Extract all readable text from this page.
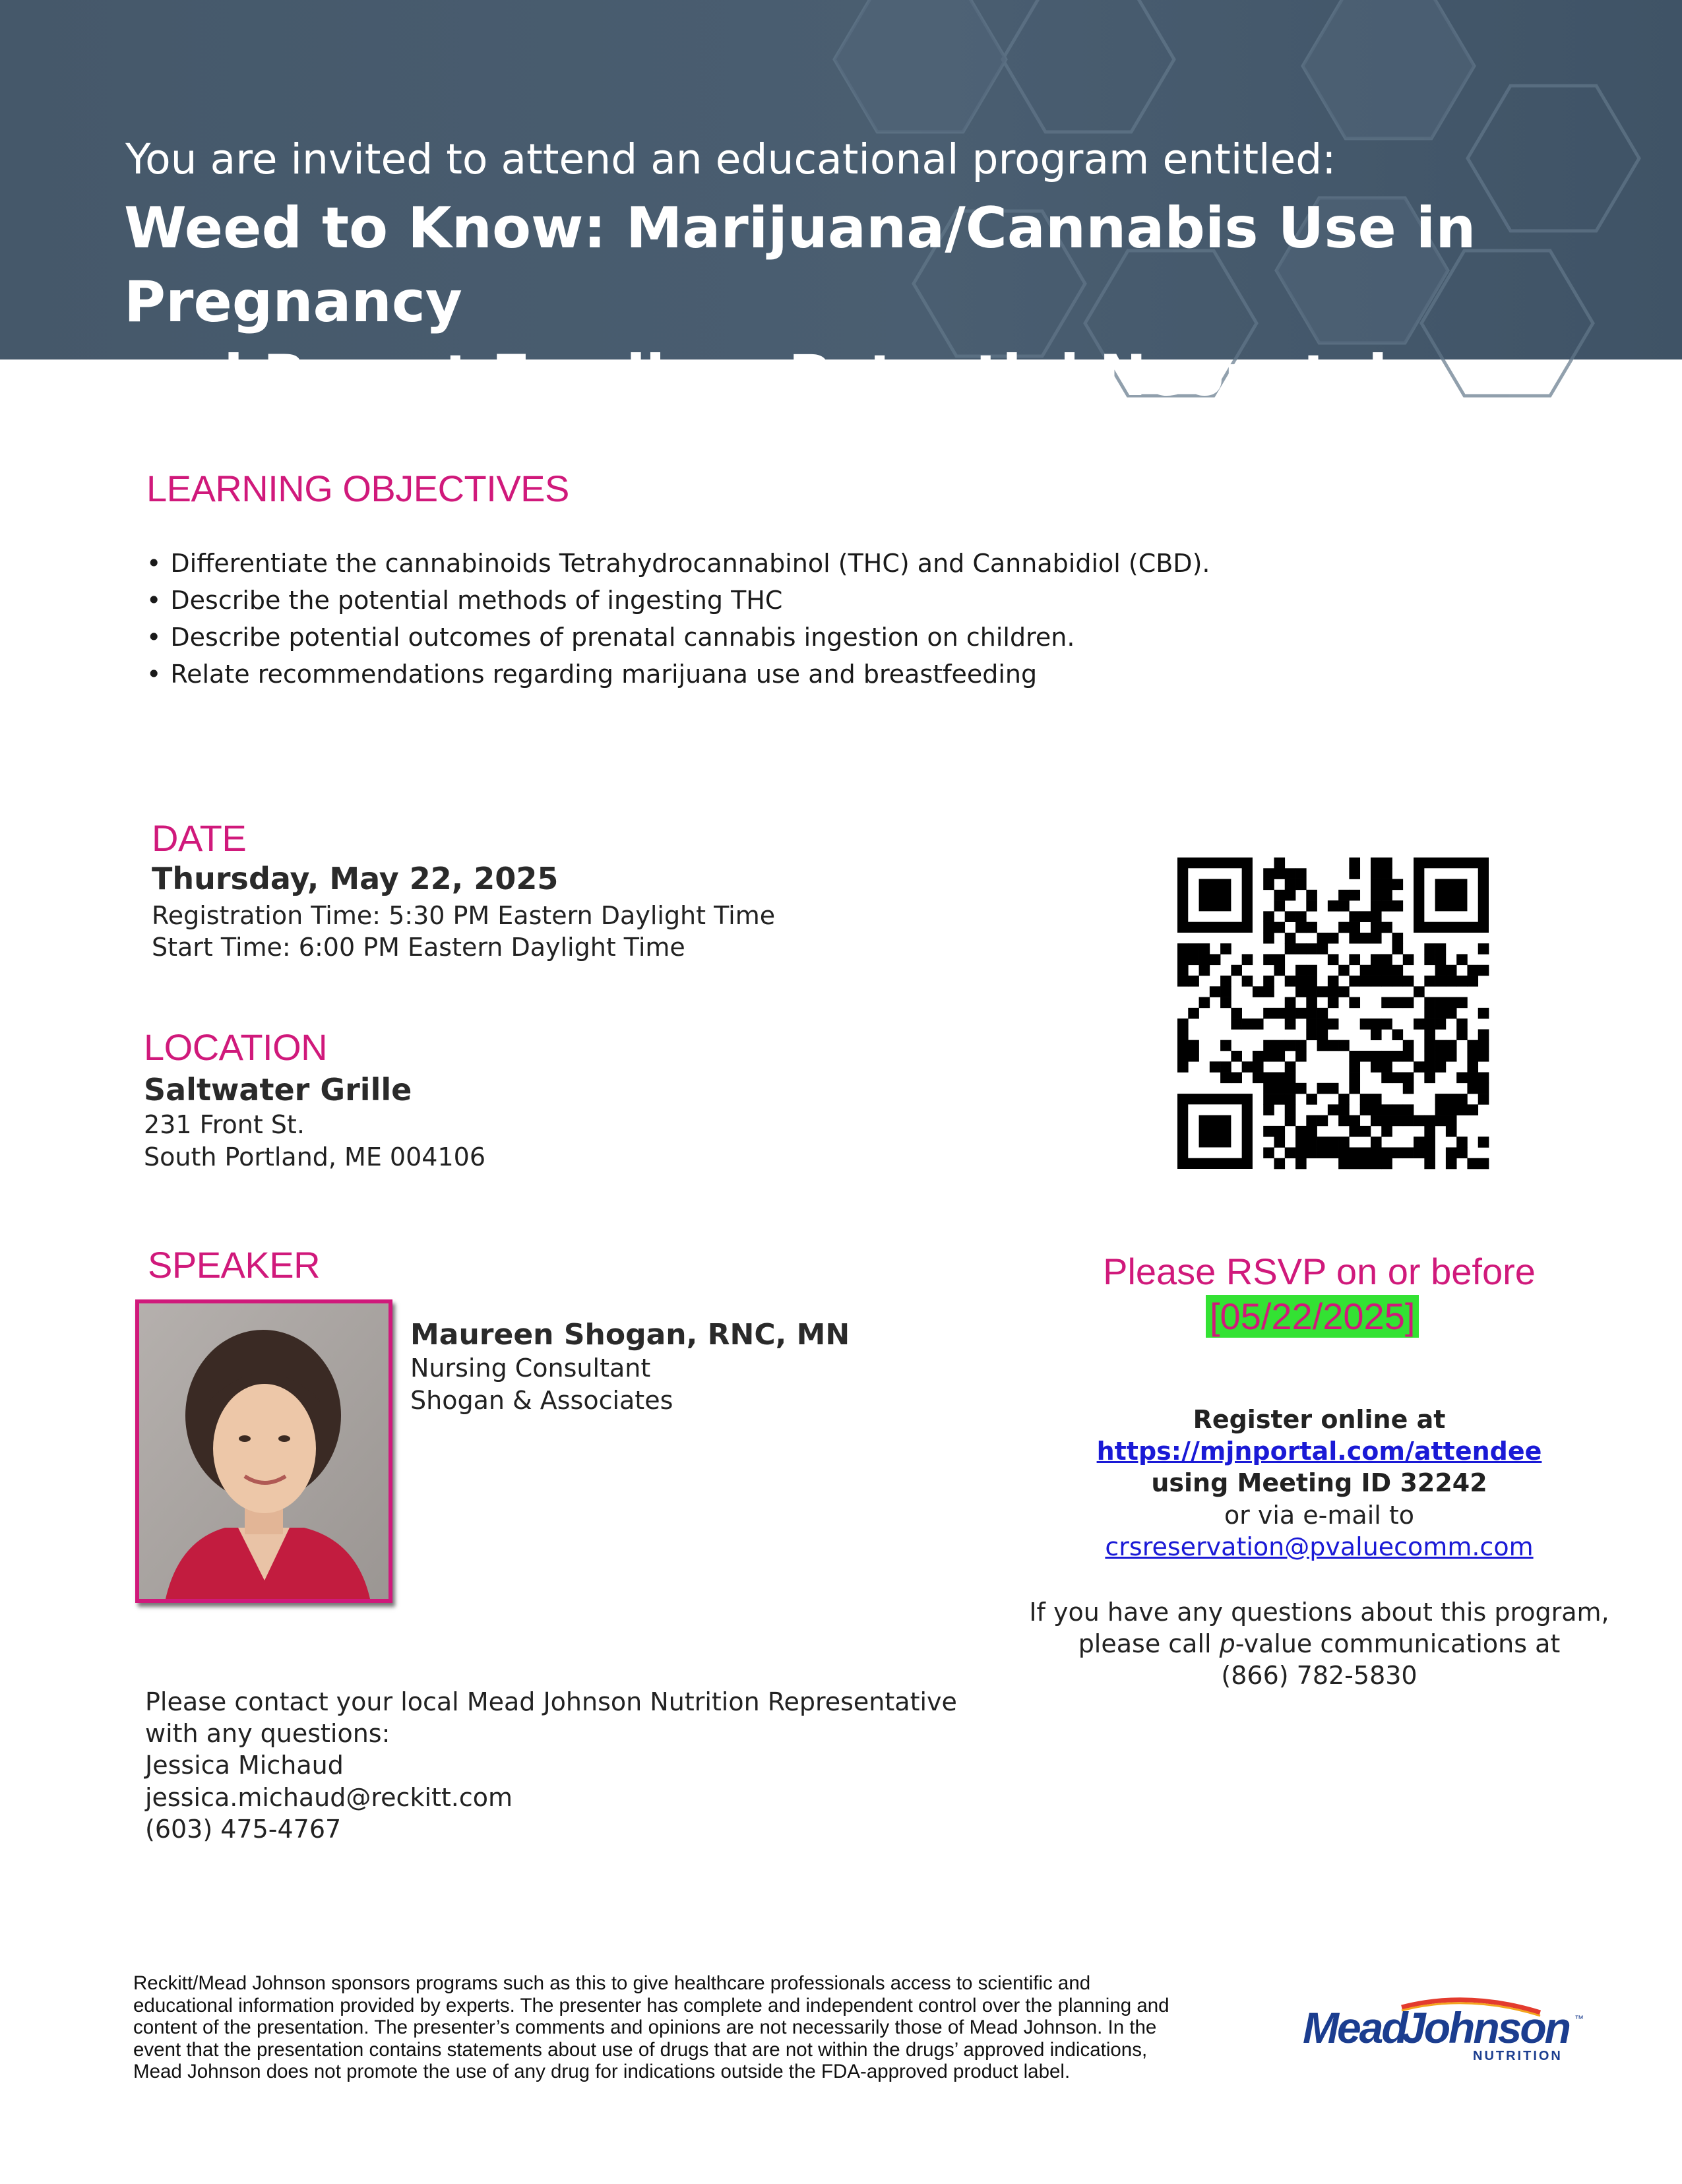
You are invited to attend an educational program entitled:
Weed to Know: Marijuana/Cannabis Use in Pregnancy
and Breast Feeding: Potential Neonatal Outcomes
LEARNING OBJECTIVES
• Differentiate the cannabinoids Tetrahydrocannabinol (THC) and Cannabidiol (CBD).
• Describe the potential methods of ingesting THC
• Describe potential outcomes of prenatal cannabis ingestion on children.
• Relate recommendations regarding marijuana use and breastfeeding
DATE
Thursday, May 22, 2025
Registration Time: 5:30 PM Eastern Daylight Time
Start Time: 6:00 PM Eastern Daylight Time
LOCATION
Saltwater Grille
231 Front St.
South Portland, ME 004106
SPEAKER
Maureen Shogan, RNC, MN
Nursing Consultant
Shogan & Associates
Please RSVP on or before
[05/22/2025]
Register online at
https://mjnportal.com/attendee
using Meeting ID 32242
or via e-mail to
crsreservation@pvaluecomm.com
If you have any questions about this program,
please call p-value communications at
(866) 782-5830
Please contact your local Mead Johnson Nutrition Representative
with any questions:
Jessica Michaud
jessica.michaud@reckitt.com
(603) 475-4767
Reckitt/Mead Johnson sponsors programs such as this to give healthcare professionals access to scientific and educational information provided by experts. The presenter has complete and independent control over the planning and content of the presentation. The presenter’s comments and opinions are not necessarily those of Mead Johnson. In the event that the presentation contains statements about use of drugs that are not within the drugs’ approved indications, Mead Johnson does not promote the use of any drug for indications outside the FDA-approved product label.
Mead
Johnson ™
NUTRITION
